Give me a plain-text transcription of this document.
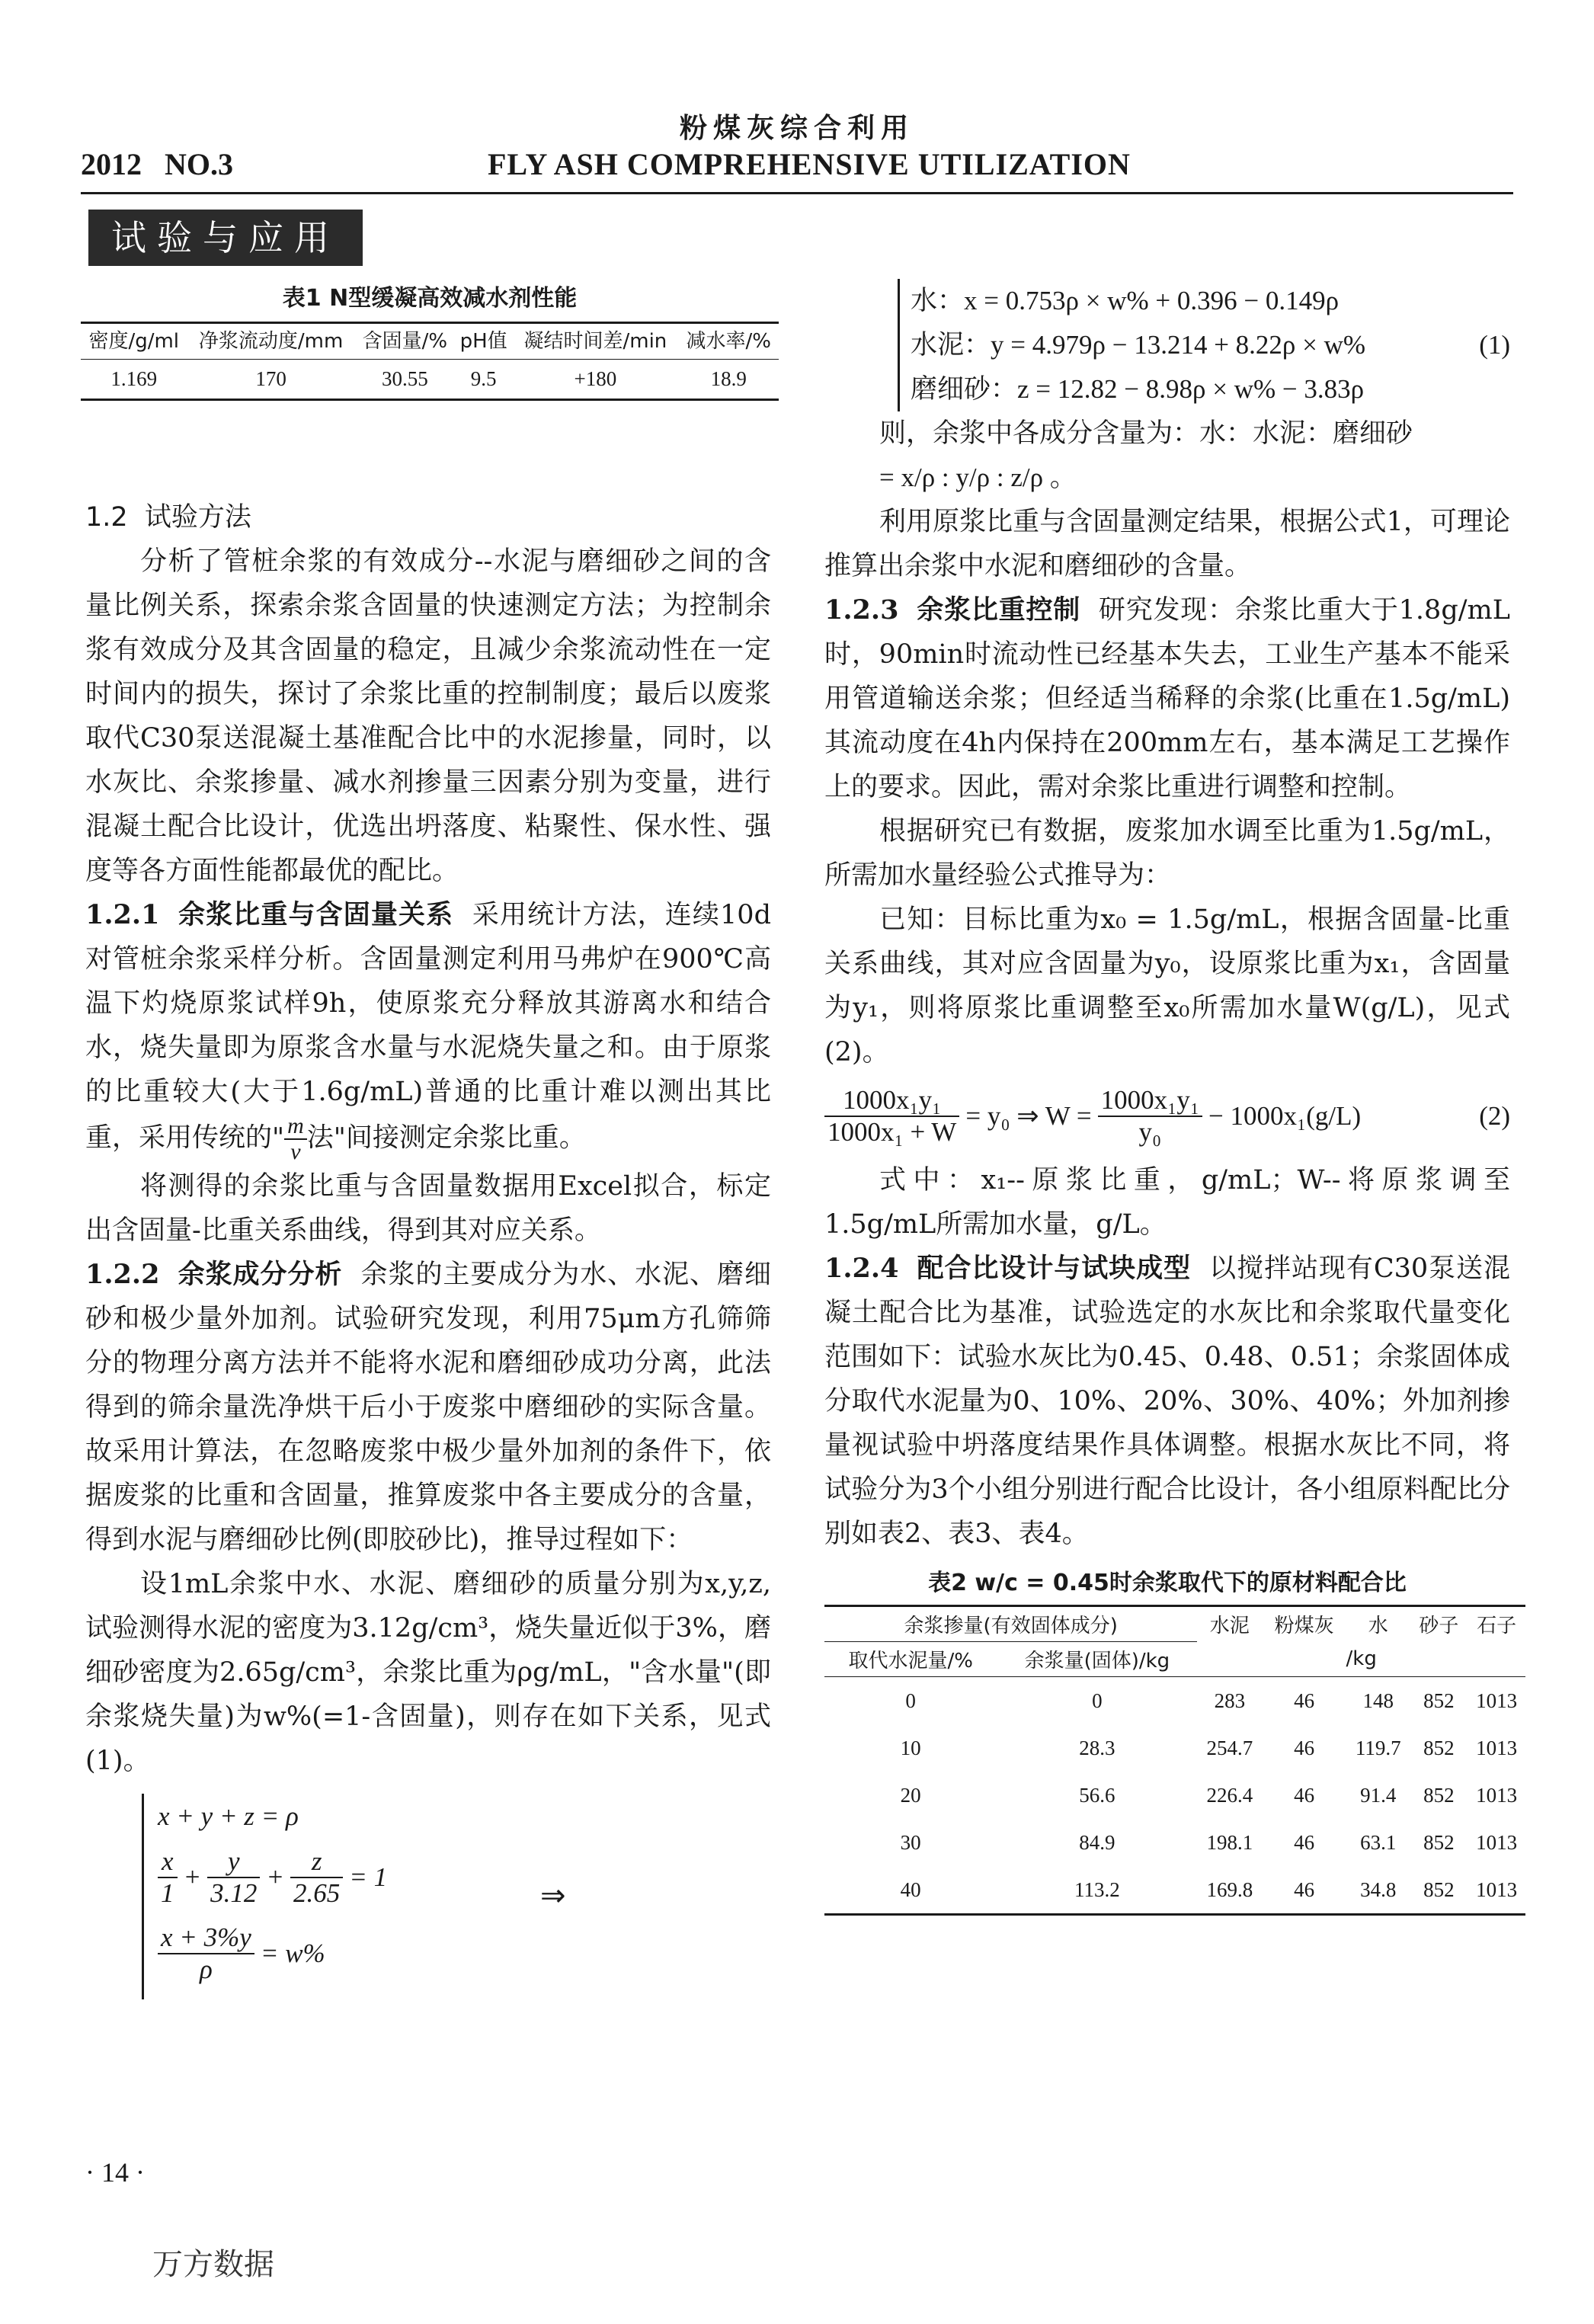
粉煤灰综合利用
2012   NO.3	FLY ASH COMPREHENSIVE UTILIZATION
试验与应用
表1 N型缓凝高效减水剂性能
密度/g/ml	净浆流动度/mm	含固量/%	pH值	凝结时间差/min	减水率/%
1.169	170	30.55	9.5	+180	18.9

1.2  试验方法

分析了管桩余浆的有效成分--水泥与磨细砂之间的含量比例关系，探索余浆含固量的快速测定方法；为控制余浆有效成分及其含固量的稳定，且减少余浆流动性在一定时间内的损失，探讨了余浆比重的控制制度；最后以废浆取代C30泵送混凝土基准配合比中的水泥掺量，同时，以水灰比、余浆掺量、减水剂掺量三因素分别为变量，进行混凝土配合比设计，优选出坍落度、粘聚性、保水性、强度等各方面性能都最优的配比。

1.2.1 余浆比重与含固量关系 采用统计方法，连续10d对管桩余浆采样分析。含固量测定利用马弗炉在900℃高温下灼烧原浆试样9h，使原浆充分释放其游离水和结合水，烧失量即为原浆含水量与水泥烧失量之和。由于原浆的比重较大(大于1.6g/mL)普通的比重计难以测出其比重，采用传统的" $\frac{m}{v}$ 法"间接测定余浆比重。

将测得的余浆比重与含固量数据用Excel拟合，标定出含固量-比重关系曲线，得到其对应关系。

1.2.2 余浆成分分析 余浆的主要成分为水、水泥、磨细砂和极少量外加剂。试验研究发现，利用75μm方孔筛筛分的物理分离方法并不能将水泥和磨细砂成功分离，此法得到的筛余量洗净烘干后小于废浆中磨细砂的实际含量。故采用计算法，在忽略废浆中极少量外加剂的条件下，依据废浆的比重和含固量，推算废浆中各主要成分的含量，得到水泥与磨细砂比例(即胶砂比)，推导过程如下：

设1mL余浆中水、水泥、磨细砂的质量分别为x,y,z,试验测得水泥的密度为3.12g/cm³，烧失量近似于3%，磨细砂密度为2.65g/cm³，余浆比重为ρg/mL，"含水量"(即余浆烧失量)为w%(=1-含固量)，则存在如下关系，见式(1)。

x + y + z = ρ
$\frac{x}{1} + \frac{y}{3.12} + \frac{z}{2.65} = 1$
$\frac{x + 3\%y}{\rho} = w\%$
⇒
水：x = 0.753ρ × w% + 0.396 − 0.149ρ
水泥：y = 4.979ρ − 13.214 + 8.22ρ × w%
磨细砂：z = 12.82 − 8.98ρ × w% − 3.83ρ
(1)

则，余浆中各成分含量为：水：水泥：磨细砂

= x/ρ : y/ρ : z/ρ 。

利用原浆比重与含固量测定结果，根据公式1，可理论推算出余浆中水泥和磨细砂的含量。

1.2.3 余浆比重控制 研究发现：余浆比重大于1.8g/mL时，90min时流动性已经基本失去，工业生产基本不能采用管道输送余浆；但经适当稀释的余浆(比重在1.5g/mL)其流动度在4h内保持在200mm左右，基本满足工艺操作上的要求。因此，需对余浆比重进行调整和控制。

根据研究已有数据，废浆加水调至比重为1.5g/mL，所需加水量经验公式推导为：

已知：目标比重为x₀ = 1.5g/mL，根据含固量-比重关系曲线，其对应含固量为y₀，设原浆比重为x₁，含固量为y₁，则将原浆比重调整至x₀所需加水量W(g/L)，见式(2)。

$\frac{\text{1000x₁y₁}}{\text{1000x₁ + W}} = y_0$ ⇒ $W = \frac{\text{1000x₁y₁}}{\text{y₀}} - 1000x_1(g/L)$	(2)

式中：x₁--原浆比重，g/mL；W--将原浆调至1.5g/mL所需加水量，g/L。

1.2.4 配合比设计与试块成型 以搅拌站现有C30泵送混凝土配合比为基准，试验选定的水灰比和余浆取代量变化范围如下：试验水灰比为0.45、0.48、0.51；余浆固体成分取代水泥量为0、10%、20%、30%、40%；外加剂掺量视试验中坍落度结果作具体调整。根据水灰比不同，将试验分为3个小组分别进行配合比设计，各小组原料配比分别如表2、表3、表4。

表2 w/c = 0.45时余浆取代下的原材料配合比
余浆掺量(有效固体成分)		水泥	粉煤灰	水	砂子	石子
取代水泥量/%	余浆量(固体)/kg	/kg				
0	0	283	46	148	852	1013
10	28.3	254.7	46	119.7	852	1013
20	56.6	226.4	46	91.4	852	1013
30	84.9	198.1	46	63.1	852	1013
40	113.2	169.8	46	34.8	852	1013
· 14 ·
万方数据
